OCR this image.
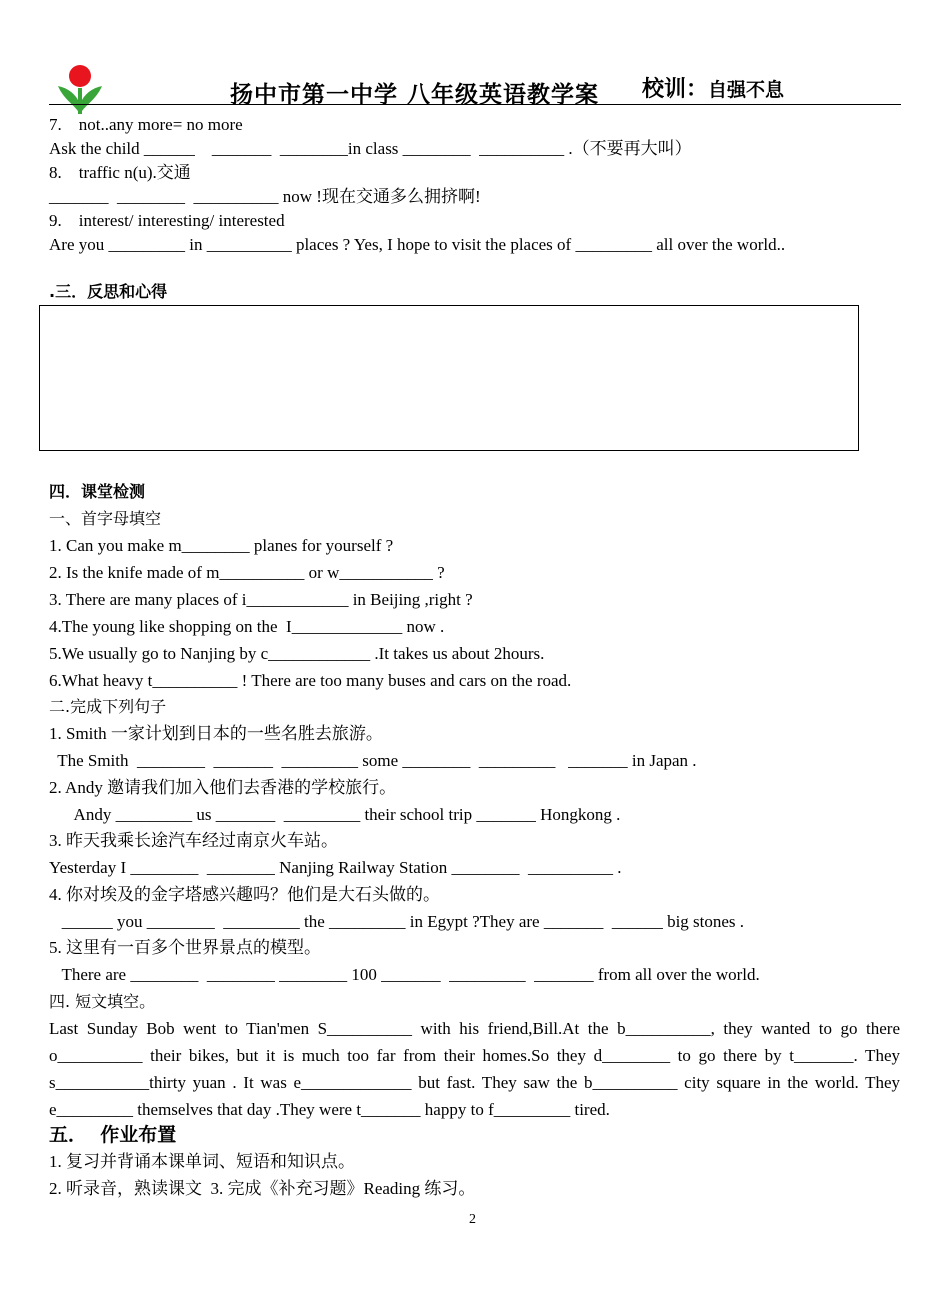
扬中市第一中学 八年级英语教学案 校训：自强不息
7.    not..any more= no more
Ask the child ______    _______  ________in class ________  __________ .（不要再大叫）
8.    traffic n(u).交通
_______  ________  __________ now !现在交通多么拥挤啊!
9.    interest/ interesting/ interested
Are you _________ in __________ places ? Yes, I hope to visit the places of _________ all over the world..
.三．反思和心得
四．课堂检测
一、首字母填空
1. Can you make m________ planes for yourself ?
2. Is the knife made of m__________ or w___________ ?
3. There are many places of i____________ in Beijing ,right ?
4.The young like shopping on the  I_____________ now .
5.We usually go to Nanjing by c____________ .It takes us about 2hours.
6.What heavy t__________ ! There are too many buses and cars on the road.
二.完成下列句子
1. Smith 一家计划到日本的一些名胜去旅游。
The Smith  ________  _______  _________ some ________  _________   _______ in Japan .
2. Andy 邀请我们加入他们去香港的学校旅行。
Andy _________ us _______  _________ their school trip _______ Hongkong .
3. 昨天我乘长途汽车经过南京火车站。
Yesterday I ________  ________ Nanjing Railway Station ________  __________ .
4. 你对埃及的金字塔感兴趣吗？他们是大石头做的。
______ you ________  _________ the _________ in Egypt ?They are _______  ______ big stones .
5. 这里有一百多个世界景点的模型。
There are ________  ________ ________ 100 _______  _________  _______ from all over the world.
四. 短文填空。
Last Sunday Bob went to Tian'men S__________ with his friend,Bill.At the b__________, they wanted to go there o__________ their bikes, but it is much too far from their homes.So they d________ to go there by t_______. They s___________thirty yuan . It was e_____________ but fast. They saw the b__________ city square in the world. They e_________ themselves that day .They were t_______ happy to f_________ tired.
五．  作业布置
1. 复习并背诵本课单词、短语和知识点。
2. 听录音，熟读课文  3. 完成《补充习题》Reading 练习。
2
